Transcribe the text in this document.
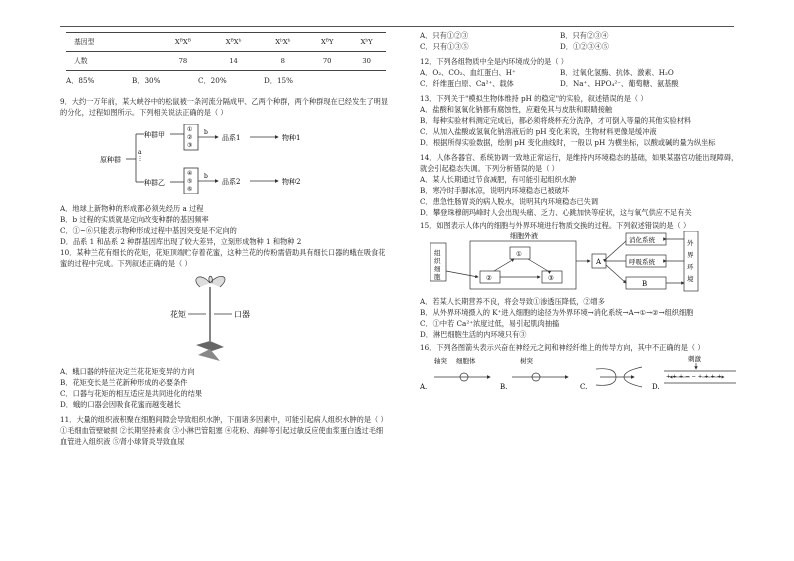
基因型	XᴮXᴮ	XᴮXᵇ	XᵇXᵇ	XᴮY	XᵇY
人数	78	14	8	70	30
A．85%	B．30%	C．20%	D．15%

9．大约一万年前，某大峡谷中的松鼠被一条河流分隔成甲、乙两个种群，两个种群现在已经发生了明显的分化，过程如图所示。下列相关说法正确的是（ ）

原种群
种群甲
种群乙
a
①
②
③
④
⑤
⑥
b
b
品系1
品系2
物种1
物种2

A．地球上新物种的形成都必须先经历 a 过程

B．b 过程的实质就是定向改变种群的基因频率

C．①~⑥只能表示物种形成过程中基因突变是不定向的

D．品系 1 和品系 2 种群基因库出现了较大差异，立刻形成物种 1 和物种 2

10．某种兰花有细长的花矩，花矩顶端贮存着花蜜，这种兰花的传粉需借助具有细长口器的蛾在吸食花蜜的过程中完成。下列叙述正确的是（ ）

花矩	口器

A．蛾口器的特征决定兰花花矩变异的方向

B．花矩变长是兰花新种形成的必要条件

C．口器与花矩的相互适应是共同进化的结果

D．蛾的口器会因吸食花蜜而越变越长

11．大量的组织液积聚在细胞间隙会导致组织水肿，下面诸多因素中，可能引起病人组织水肿的是（ ）

①毛细血管壁破损 ②长期坚持素食 ③小淋巴管阻塞 ④花粉、海鲜等引起过敏反应使血浆蛋白透过毛细血管进入组织液 ⑤肾小球肾炎导致血尿

A．只有①②③	B．只有②③④
C．只有①③⑤	D．①②③④⑤

12．下列各组物质中全是内环境成分的是（ ）

A．O₂、CO₂、血红蛋白、H⁺	B．过氧化氢酶、抗体、激素、H₂O
C．纤维蛋白原、Ca²⁺、载体	D．Na⁺、HPO₄²⁻、葡萄糖、氨基酸

13．下列关于"模拟生物体维持 pH 的稳定"的实验，叙述错误的是（ ）

A．盐酸和氢氧化钠都有腐蚀性，应避免其与皮肤和眼睛接触

B．每种实验材料测定完成后，都必须将烧杯充分洗净，才可倒入等量的其他实验材料

C．从加入盐酸或氢氧化钠溶液后的 pH 变化来说，生物材料更像是缓冲液

D．根据所得实验数据，绘制 pH 变化曲线时，一般以 pH 为横坐标，以酸或碱的量为纵坐标

14．人体各器官、系统协调一致地正常运行，是维持内环境稳态的基础，如果某器官功能出现障碍，就会引起稳态失调。下列分析错误的是（ ）

A．某人长期通过节食减肥，有可能引起组织水肿

B．寒冷时手脚冰凉，说明内环境稳态已被破坏

C．患急性肠胃炎的病人脱水，说明其内环境稳态已失调

D．攀登珠穆朗玛峰时人会出现头痛、乏力、心跳加快等症状，这与氧气供应不足有关

15．如图表示人体内的细胞与外界环境进行物质交换的过程。下列叙述错误的是（ ）

组
织
细
胞
细胞外液
①
②	③
A
消化系统
呼吸系统
B
外
界
环
境

A．若某人长期营养不良，将会导致①渗透压降低，②增多

B．从外界环境摄入的 K⁺进入细胞的途径为外界环境→消化系统→A→①→②→组织细胞

C．①中若 Ca²⁺浓度过低，易引起肌肉抽搐

D．淋巴细胞生活的内环境只有③

16．下列各图箭头表示兴奋在神经元之间和神经纤维上的传导方向，其中不正确的是（ ）

A.
轴突 细胞体
B.
树突
C.	D.
刺激
+ + + − − + + + +
